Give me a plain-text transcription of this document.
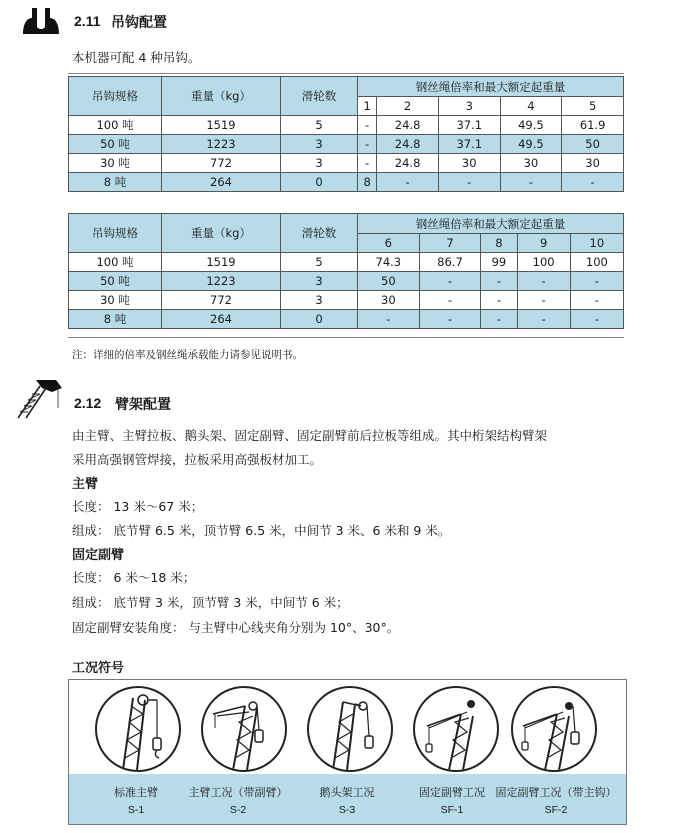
2.11 吊钩配置
本机器可配 4 种吊钩。
吊钩规格	重量（kg）	滑轮数	钢丝绳倍率和最大额定起重量				
			1	2	3	4	5
100 吨	1519	5	-	24.8	37.1	49.5	61.9
50 吨	1223	3	-	24.8	37.1	49.5	50
30 吨	772	3	-	24.8	30	30	30
8 吨	264	0	8	-	-	-	-
吊钩规格	重量（kg）	滑轮数	钢丝绳倍率和最大额定起重量				
			6	7	8	9	10
100 吨	1519	5	74.3	86.7	99	100	100
50 吨	1223	3	50	-	-	-	-
30 吨	772	3	30	-	-	-	-
8 吨	264	0	-	-	-	-	-
注：详细的倍率及钢丝绳承载能力请参见说明书。
2.12 臂架配置
由主臂、主臂拉板、鹅头架、固定副臂、固定副臂前后拉板等组成。其中桁架结构臂架
采用高强钢管焊接，拉板采用高强板材加工。
主臂
长度： 13 米～67 米；
组成： 底节臂 6.5 米，顶节臂 6.5 米，中间节 3 米、6 米和 9 米。
固定副臂
长度： 6 米～18 米；
组成： 底节臂 3 米，顶节臂 3 米，中间节 6 米；
固定副臂安装角度： 与主臂中心线夹角分别为 10°、30°。
工况符号
标准主臂
S-1
主臂工况（带副臂）
S-2
鹅头架工况
S-3
固定副臂工况
SF-1
固定副臂工况（带主钩）
SF-2
